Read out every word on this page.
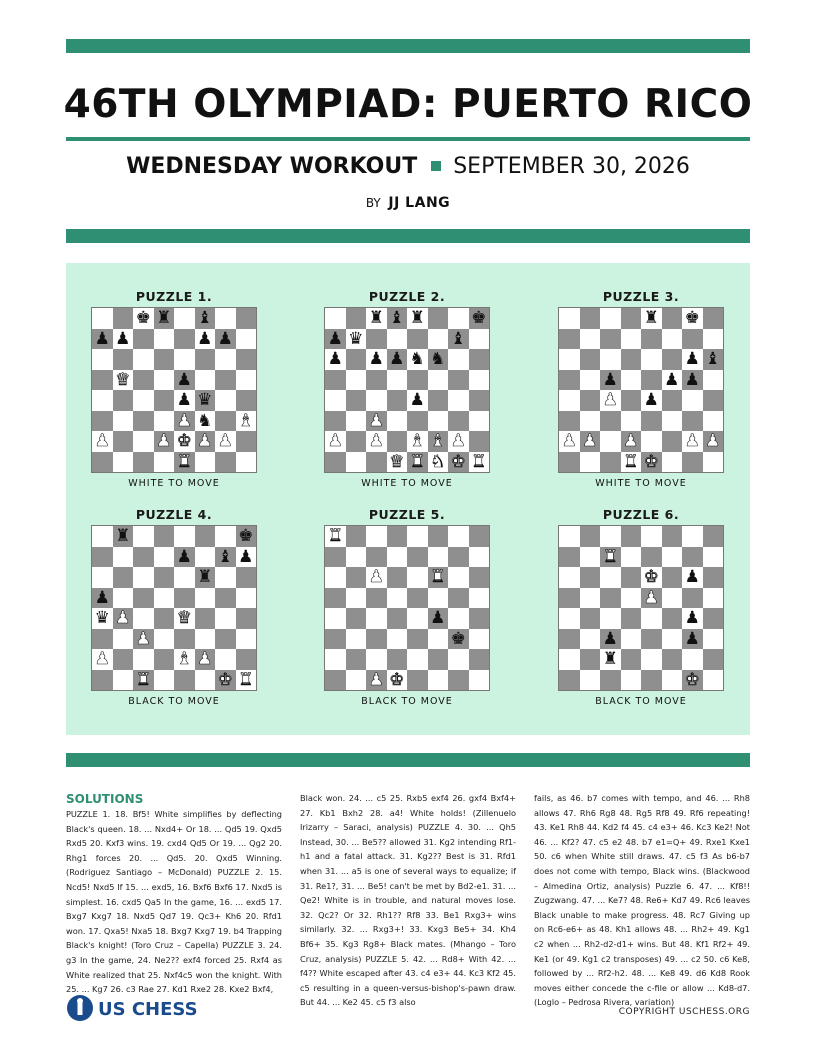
46TH OLYMPIAD: PUERTO RICO
WEDNESDAY WORKOUT SEPTEMBER 30, 2026
BY JJ LANG
PUZZLE 1.
♚ ♜ ♝
♟ ♟	♟ ♟
♛	♟
♟ ♛
♟ ♞ ♝
♟	♟ ♚ ♟ ♟
♜
WHITE TO MOVE
PUZZLE 2.
♜ ♝ ♜	♚
♟ ♛	♝
♟ ♟ ♟ ♞ ♞
♟
♟
♟ ♟ ♝ ♝ ♟
♛ ♜ ♞ ♚ ♜
WHITE TO MOVE
PUZZLE 3.
♜ ♚
♟ ♝
♟	♟ ♟
♟ ♟
♟ ♟ ♟	♟ ♟
♜ ♚
WHITE TO MOVE
PUZZLE 4.
♜	♚
♟ ♝ ♟
♜
♟
♛ ♟	♛
♟
♟	♝ ♟
♜	♚ ♜
BLACK TO MOVE
PUZZLE 5.
♜
♟	♜
♟
♚
♟ ♚
BLACK TO MOVE
PUZZLE 6.
♜
♚ ♟
♟
♟
♟	♟
♜
♚
BLACK TO MOVE
SOLUTIONS
PUZZLE 1. 18. Bf5! White simplifies by deflecting Black's queen. 18. ... Nxd4+ Or 18. ... Qd5 19. Qxd5 Rxd5 20. Kxf3 wins. 19. cxd4 Qd5 Or 19. ... Qg2 20. Rhg1 forces 20. ... Qd5. 20. Qxd5 Winning. (Rodriguez Santiago – McDonald) PUZZLE 2. 15. Ncd5! Nxd5 If 15. ... exd5, 16. Bxf6 Bxf6 17. Nxd5 is simplest. 16. cxd5 Qa5 In the game, 16. ... exd5 17. Bxg7 Kxg7 18. Nxd5 Qd7 19. Qc3+ Kh6 20. Rfd1 won. 17. Qxa5! Nxa5 18. Bxg7 Kxg7 19. b4 Trapping Black's knight! (Toro Cruz – Capella) PUZZLE 3. 24. g3 In the game, 24. Ne2?? exf4 forced 25. Rxf4 as White realized that 25. Nxf4c5 won the knight. With 25. ... Kg7 26. c3 Rae 27. Kd1 Rxe2 28. Kxe2 Bxf4,
Black won. 24. ... c5 25. Rxb5 exf4 26. gxf4 Bxf4+ 27. Kb1 Bxh2 28. a4! White holds! (Zillenuelo Irizarry – Saraci, analysis) PUZZLE 4. 30. ... Qh5 Instead, 30. ... Be5?? allowed 31. Kg2 intending Rf1-h1 and a fatal attack. 31. Kg2?? Best is 31. Rfd1 when 31. ... a5 is one of several ways to equalize; if 31. Re1?, 31. ... Be5! can't be met by Bd2-e1. 31. ... Qe2! White is in trouble, and natural moves lose. 32. Qc2? Or 32. Rh1?? Rf8 33. Be1 Rxg3+ wins similarly. 32. ... Rxg3+! 33. Kxg3 Be5+ 34. Kh4 Bf6+ 35. Kg3 Rg8+ Black mates. (Mhango – Toro Cruz, analysis) PUZZLE 5. 42. ... Rd8+ With 42. ... f4?? White escaped after 43. c4 e3+ 44. Kc3 Kf2 45. c5 resulting in a queen-versus-bishop's-pawn draw. But 44. ... Ke2 45. c5 f3 also
fails, as 46. b7 comes with tempo, and 46. ... Rh8 allows 47. Rh6 Rg8 48. Rg5 Rf8 49. Rf6 repeating! 43. Ke1 Rh8 44. Kd2 f4 45. c4 e3+ 46. Kc3 Ke2! Not 46. ... Kf2? 47. c5 e2 48. b7 e1=Q+ 49. Rxe1 Kxe1 50. c6 when White still draws. 47. c5 f3 As b6-b7 does not come with tempo, Black wins. (Blackwood – Almedina Ortiz, analysis) Puzzle 6. 47. ... Kf8!! Zugzwang. 47. ... Ke7? 48. Re6+ Kd7 49. Rc6 leaves Black unable to make progress. 48. Rc7 Giving up on Rc6-e6+ as 48. Kh1 allows 48. ... Rh2+ 49. Kg1 c2 when ... Rh2-d2-d1+ wins. But 48. Kf1 Rf2+ 49. Ke1 (or 49. Kg1 c2 transposes) 49. ... c2 50. c6 Ke8, followed by ... Rf2-h2. 48. ... Ke8 49. d6 Kd8 Rook moves either concede the c-file or allow ... Kd8-d7. (Loglo – Pedrosa Rivera, variation)
US CHESS	COPYRIGHT USCHESS.ORG
